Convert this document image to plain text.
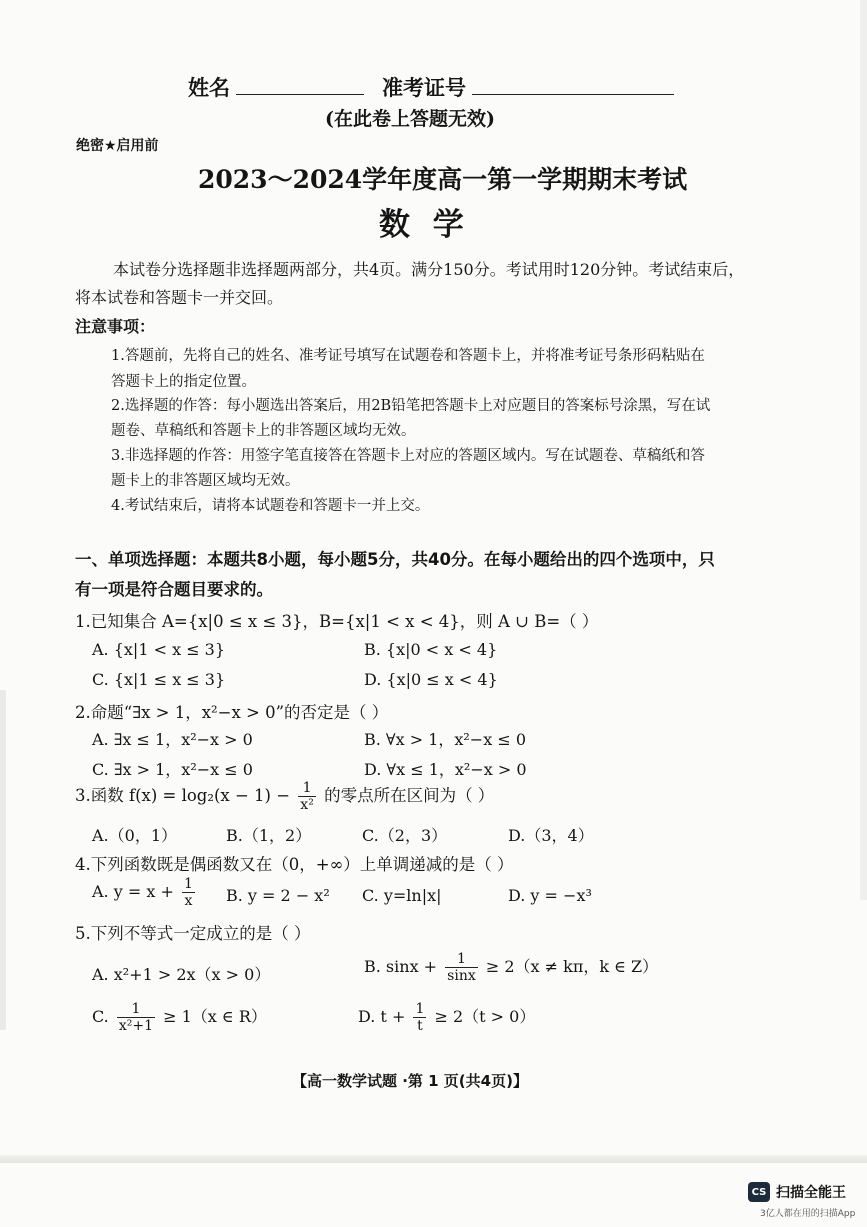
姓名	准考证号
(在此卷上答题无效)
绝密★启用前
2023～2024学年度高一第一学期期末考试
数 学
本试卷分选择题非选择题两部分，共4页。满分150分。考试用时120分钟。考试结束后，
将本试卷和答题卡一并交回。
注意事项：
1.答题前，先将自己的姓名、准考证号填写在试题卷和答题卡上，并将准考证号条形码粘贴在
答题卡上的指定位置。
2.选择题的作答：每小题选出答案后，用2B铅笔把答题卡上对应题目的答案标号涂黑，写在试
题卷、草稿纸和答题卡上的非答题区域均无效。
3.非选择题的作答：用签字笔直接答在答题卡上对应的答题区域内。写在试题卷、草稿纸和答
题卡上的非答题区域均无效。
4.考试结束后，请将本试题卷和答题卡一并上交。
一、单项选择题：本题共8小题，每小题5分，共40分。在每小题给出的四个选项中，只
有一项是符合题目要求的。
1.已知集合 A={x|0 ≤ x ≤ 3}，B={x|1 < x < 4}，则 A ∪ B=（ ）
A. {x|1 < x ≤ 3}	B. {x|0 < x < 4}
C. {x|1 ≤ x ≤ 3}	D. {x|0 ≤ x < 4}
2.命题“∃x > 1，x²−x > 0”的否定是（ ）
A. ∃x ≤ 1，x²−x > 0	B. ∀x > 1，x²−x ≤ 0
C. ∃x > 1，x²−x ≤ 0	D. ∀x ≤ 1，x²−x > 0
3.函数 $f(x) = \log_2(x - 1) - \frac{1}{\text{x²}}$ 的零点所在区间为（ ）
A.（0，1）	B.（1，2）	C.（2，3）	D.（3，4）
4.下列函数既是偶函数又在（0，+∞）上单调递减的是（ ）
A. $y = x + \frac{1}{x} B$. y = 2 − x² C. y=ln|x|	D. y = −x³
5.下列不等式一定成立的是（ ）
A. x²+1 > 2x（x > 0）	B. $\sin x + \frac{1}{\sin x} \ge 2(x \ne k\pi$，k ∈ Z）
C. $\frac{1}{\text{x²+1}} \ge 1(x$ ∈ R）	D. $t + \frac{1}{t} \ge 2(t > 0)$
【高一数学试题 ·第 1 页(共4页)】
CS 扫描全能王
3亿人都在用的扫描App
